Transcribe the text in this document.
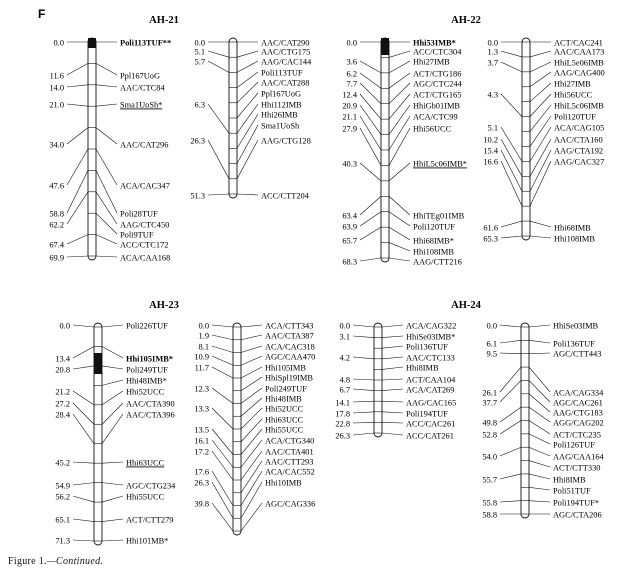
F	AH-21
Poli113TUF**
0.0
Ppl167UoG
11.6
AAC/CTC84
14.0
Sma1UoSh*
21.0
AAC/CAT296
34.0
ACA/CAC347
47.6
Poli28TUF
58.8
AAG/CTC450
62.2
Poli9TUF
ACC/CTC172
67.4
ACA/CAA168
69.9
AAC/CAT290
0.0
AAC/CTG175
5.1
AAG/CAC144
5.7
Poli113TUF
AAC/CAT288
Ppl167UoG
Hhi112IMB
6.3
Hhi26IMB
Sma1UoSh
AAG/CTG128
26.3
ACC/CTT204
51.3
AH-22
Hhi53IMB*
0.0
ACC/CTC304
Hhi27IMB
3.6
ACT/CTG186
6.2
AGC/CTC244
7.7
ACT/CTG165
12.4
HhiGb01IMB
20.9
ACA/CTC99
21.1
Hhi56UCC
27.9
HhiL5c06IMB*
40.3
HhiTEg01IMB
63.4
Poli120TUF
63.9
Hhi68IMB*
65.7
Hhi108IMB
AAG/CTT216
68.3
ACT/CAC241
0.0
AAC/CAA173
1.3
HhiL5e06IMB
3.7
AAG/CAG400
Hhi27IMB
Hhi56UCC
4.3
HhiL5c06IMB
Poli120TUF
ACA/CAG105
5.1
AAC/CTA160
10.2
AAG/CTA192
15.4
AAG/CAC327
16.6
Hhi68IMB
61.6
Hhi108IMB
65.3
AH-23
Poli226TUF
0.0
Hhi105IMB*
13.4
Poli249TUF
20.8
Hhi48IMB*
Hhi52UCC
21.2
AAC/CTA390
27.2
AAC/CTA396
28.4
Hhi63UCC
45.2
AGC/CTG234
54.9
Hhi55UCC
56.2
ACT/CTT279
65.1
Hhi101MB*
71.3
ACA/CTT343
0.0
AAC/CTA387
1.9
ACA/CAC318
8.1
AGC/CAA470
10.9
Hhi105IMB
11.7
HhiSpl19IMB
Poli249TUF
12.3
Hhi48IMB
Hhi52UCC
13.3
Hhi63UCC
Hhi55UCC
13.5
ACA/CTG340
16.1
AAC/CTA401
17.2
AAC/CTT293
ACA/CAC552
17.6
Hhi10IMB
26.3
AGC/CAG336
39.8
AH-24
ACA/CAG322
0.0
HhiSe03IMB*
3.1
Poli136TUF
AAC/CTC133
4.2
Hhi8IMB
ACT/CAA104
4.8
ACA/CAT269
6.7
AAG/CAC165
14.1
Poli194TUF
17.8
ACC/CAC261
22.8
ACC/CAT261
26.3
HhiSe03IMB
0.0
Poli136TUF
6.1
AGC/CTT443
9.5
ACA/CAG334
26.1
AGC/CAC261
37.7
AAG/CTG183
AGG/CAG202
49.8
ACT/CTC235
52.8
Poli126TUF
AAG/CAA164
54.0
ACT/CTT330
Hhi8IMB
55.7
Poli51TUF
Poli194TUF*
55.8
AGC/CTA206
58.8
Figure 1.—Continued.
